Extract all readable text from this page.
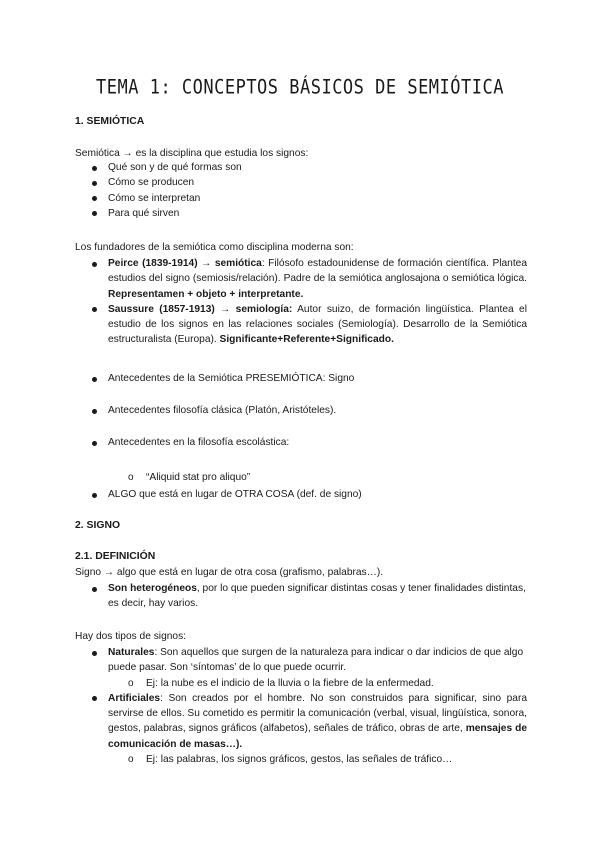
TEMA 1: CONCEPTOS BÁSICOS DE SEMIÓTICA
1. SEMIÓTICA
Semiótica → es la disciplina que estudia los signos:
Qué son y de qué formas son
Cómo se producen
Cómo se interpretan
Para qué sirven
Los fundadores de la semiótica como disciplina moderna son:
Peirce (1839-1914) → semiótica: Filósofo estadounidense de formación científica. Plantea estudios del signo (semiosis/relación). Padre de la semiótica anglosajona o semiótica lógica. Representamen + objeto + interpretante.
Saussure (1857-1913) → semiología: Autor suizo, de formación lingüística. Plantea el estudio de los signos en las relaciones sociales (Semiología). Desarrollo de la Semiótica estructuralista (Europa). Significante+Referente+Significado.
Antecedentes de la Semiótica PRESEMIÓTICA: Signo
Antecedentes filosofía clásica (Platón, Aristóteles).
Antecedentes en la filosofía escolástica:
o “Aliquid stat pro aliquo”
ALGO que está en lugar de OTRA COSA (def. de signo)
2. SIGNO
2.1. DEFINICIÓN
Signo → algo que está en lugar de otra cosa (grafismo, palabras…).
Son heterogéneos, por lo que pueden significar distintas cosas y tener finalidades distintas, es decir, hay varios.
Hay dos tipos de signos:
Naturales: Son aquellos que surgen de la naturaleza para indicar o dar indicios de que algo puede pasar. Son ‘síntomas’ de lo que puede ocurrir.
o Ej: la nube es el indicio de la lluvia o la fiebre de la enfermedad.
Artificiales: Son creados por el hombre. No son construidos para significar, sino para servirse de ellos. Su cometido es permitir la comunicación (verbal, visual, lingüística, sonora, gestos, palabras, signos gráficos (alfabetos), señales de tráfico, obras de arte, mensajes de comunicación de masas…).
o Ej: las palabras, los signos gráficos, gestos, las señales de tráfico…
